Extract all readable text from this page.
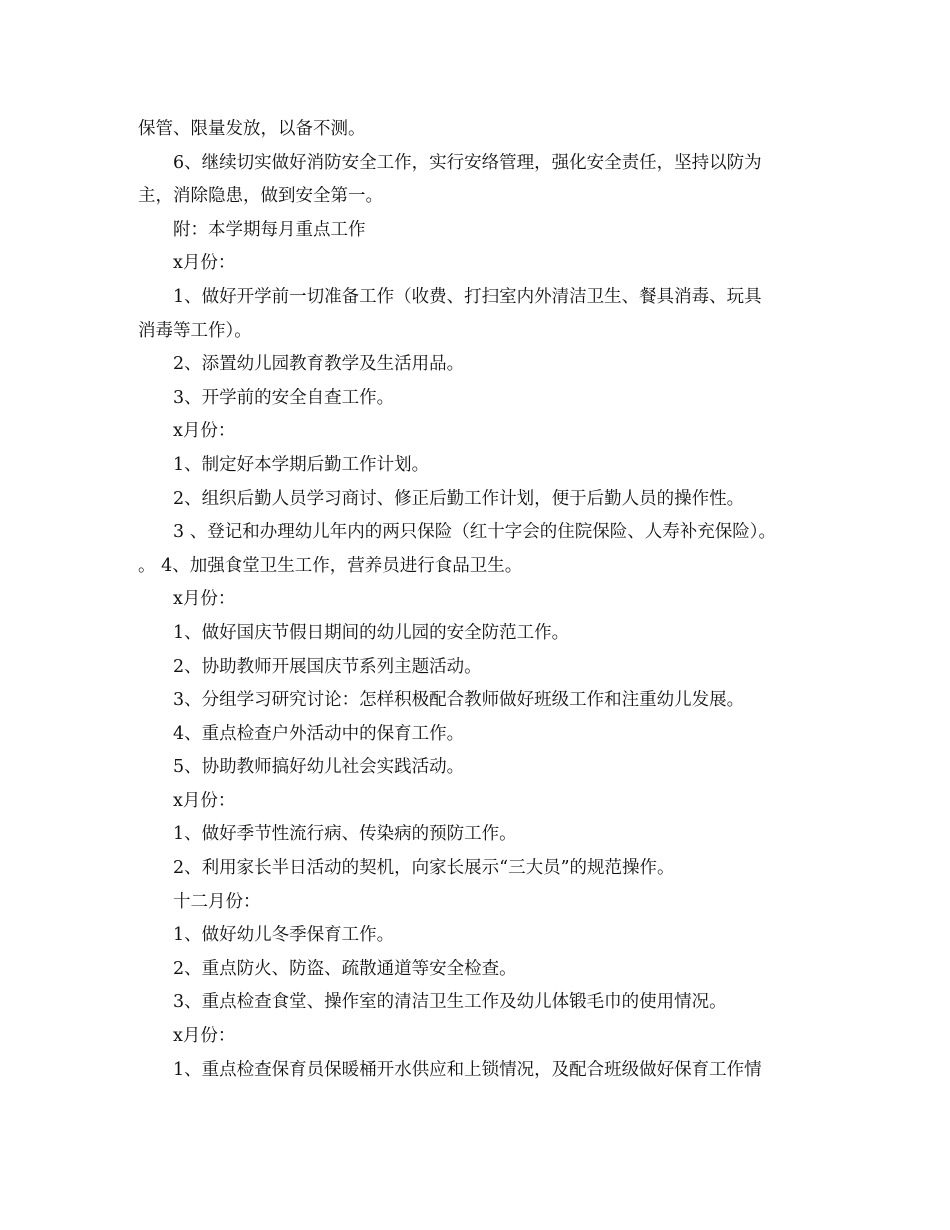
保管、限量发放，以备不测。
6、继续切实做好消防安全工作，实行安络管理，强化安全责任，坚持以防为
主，消除隐患，做到安全第一。
附：本学期每月重点工作
x月份：
1、做好开学前一切准备工作（收费、打扫室内外清洁卫生、餐具消毒、玩具
消毒等工作）。
2、添置幼儿园教育教学及生活用品。
3、开学前的安全自查工作。
x月份：
1、制定好本学期后勤工作计划。
2、组织后勤人员学习商讨、修正后勤工作计划，便于后勤人员的操作性。
3 、登记和办理幼儿年内的两只保险（红十字会的住院保险、人寿补充保险）。
。 4、加强食堂卫生工作，营养员进行食品卫生。
x月份：
1、做好国庆节假日期间的幼儿园的安全防范工作。
2、协助教师开展国庆节系列主题活动。
3、分组学习研究讨论：怎样积极配合教师做好班级工作和注重幼儿发展。
4、重点检查户外活动中的保育工作。
5、协助教师搞好幼儿社会实践活动。
x月份：
1、做好季节性流行病、传染病的预防工作。
2、利用家长半日活动的契机，向家长展示“三大员”的规范操作。
十二月份：
1、做好幼儿冬季保育工作。
2、重点防火、防盗、疏散通道等安全检查。
3、重点检查食堂、操作室的清洁卫生工作及幼儿体锻毛巾的使用情况。
x月份：
1、重点检查保育员保暖桶开水供应和上锁情况，及配合班级做好保育工作情
